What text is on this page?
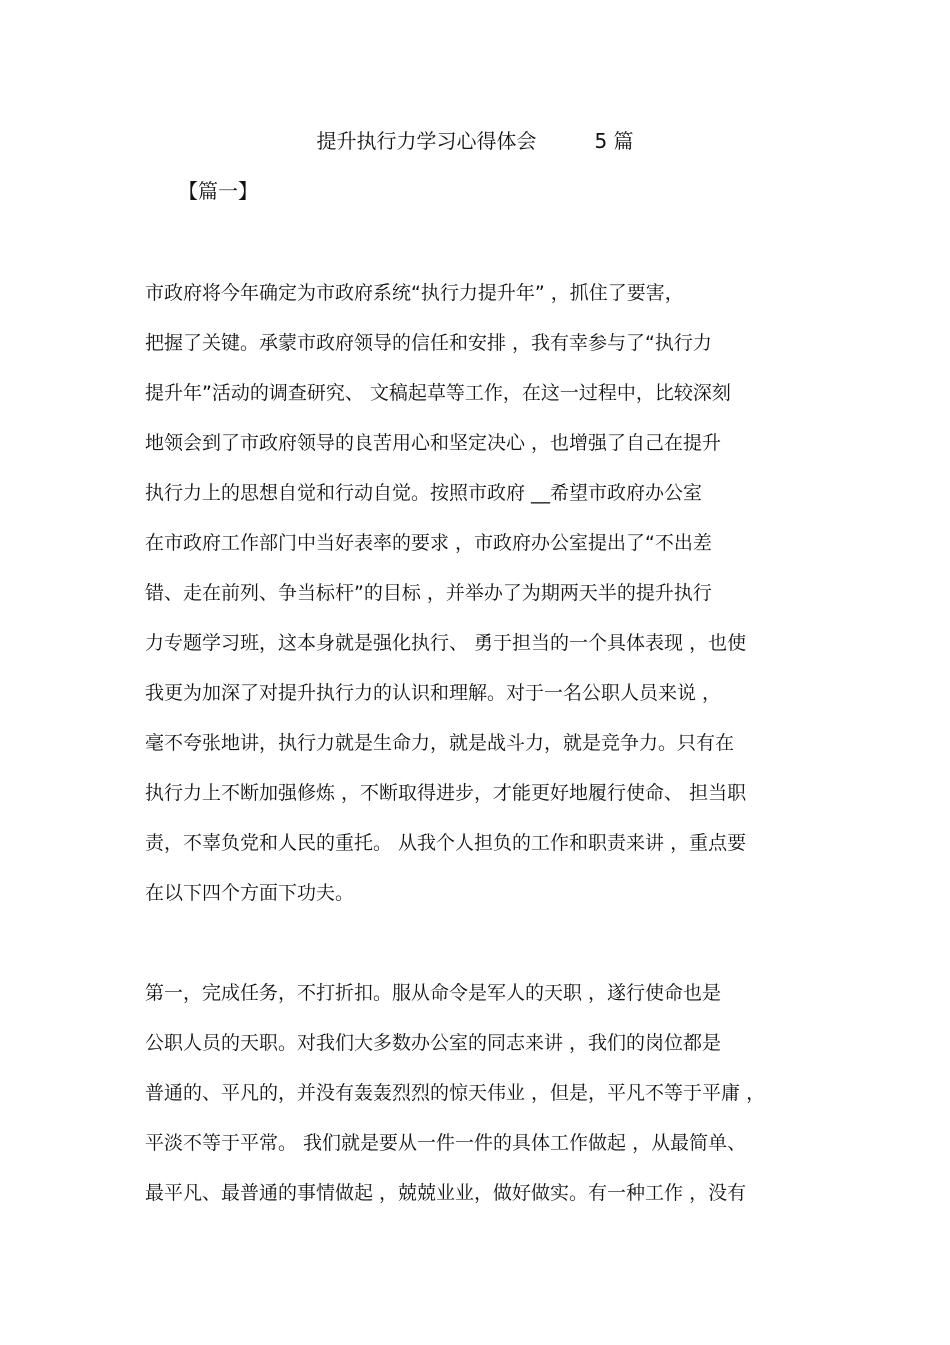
提升执行力学习心得体会	5 篇
【篇一】
市政府将今年确定为市政府系统“执行力提升年” ，抓住了要害，
把握了关键。承蒙市政府领导的信任和安排 ，我有幸参与了“执行力
提升年”活动的调查研究、 文稿起草等工作，在这一过程中，比较深刻
地领会到了市政府领导的良苦用心和坚定决心 ，也增强了自己在提升
执行力上的思想自觉和行动自觉。按照市政府 __希望市政府办公室
在市政府工作部门中当好表率的要求 ，市政府办公室提出了“不出差
错、走在前列、争当标杆”的目标 ，并举办了为期两天半的提升执行
力专题学习班，这本身就是强化执行、 勇于担当的一个具体表现 ，也使
我更为加深了对提升执行力的认识和理解。对于一名公职人员来说 ，
毫不夸张地讲，执行力就是生命力，就是战斗力，就是竞争力。只有在
执行力上不断加强修炼 ，不断取得进步，才能更好地履行使命、 担当职
责，不辜负党和人民的重托。 从我个人担负的工作和职责来讲 ，重点要
在以下四个方面下功夫。
第一，完成任务，不打折扣。服从命令是军人的天职 ，遂行使命也是
公职人员的天职。对我们大多数办公室的同志来讲 ，我们的岗位都是
普通的、平凡的，并没有轰轰烈烈的惊天伟业 ，但是，平凡不等于平庸 ，
平淡不等于平常。 我们就是要从一件一件的具体工作做起 ，从最简单、
最平凡、最普通的事情做起 ，兢兢业业，做好做实。有一种工作 ，没有
